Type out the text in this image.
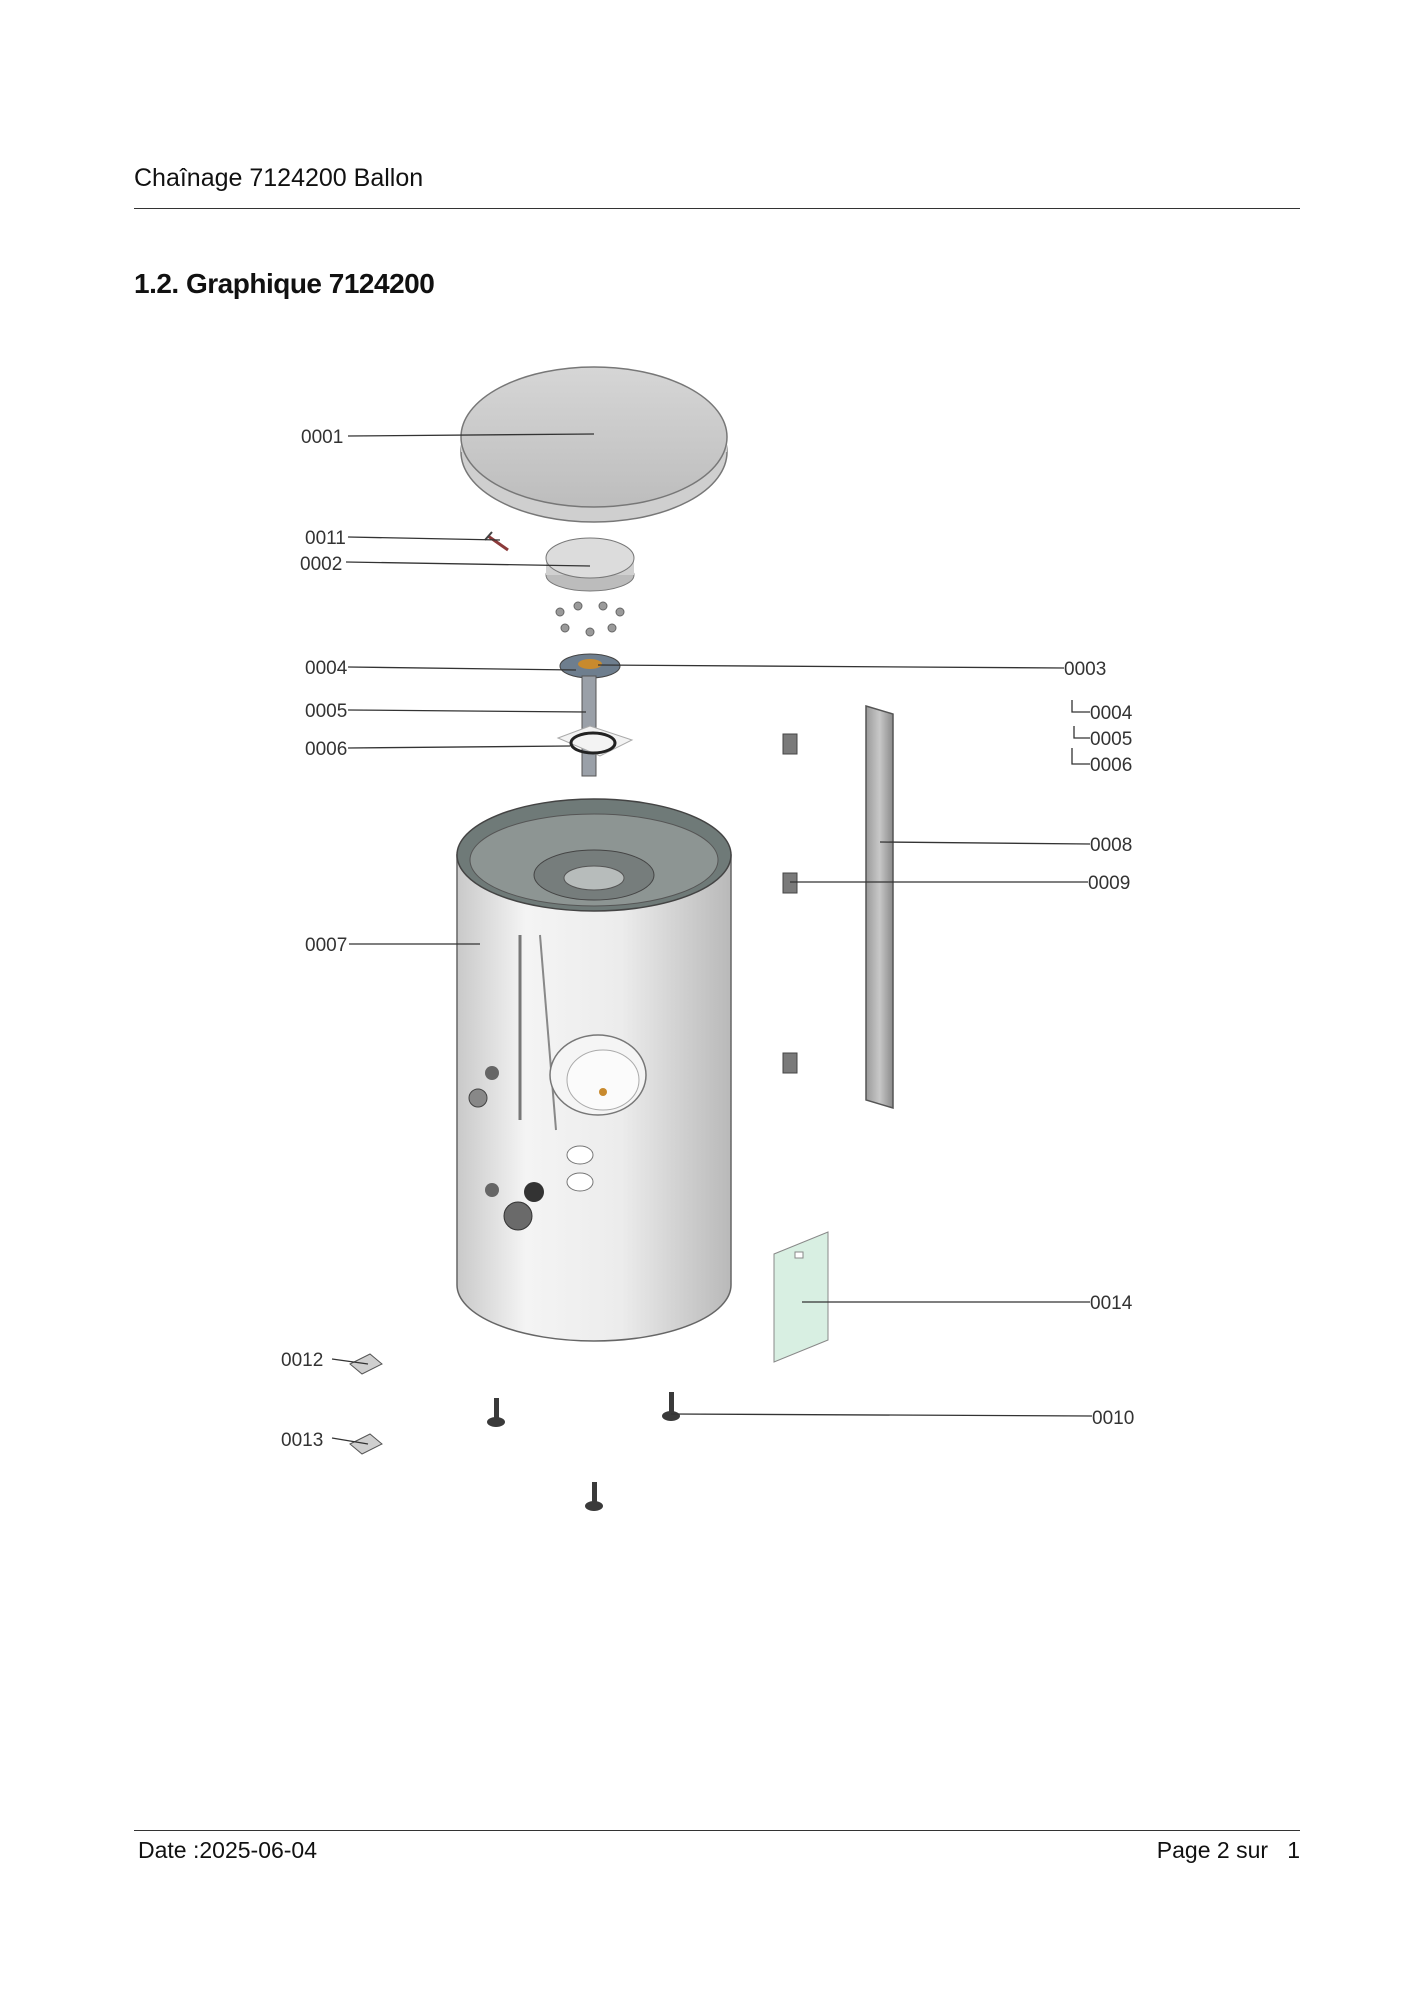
Chaînage 7124200 Ballon
1.2. Graphique 7124200
0001
0011
0002
0004
0005
0006
0003
0004
0005
0006
0008
0009
0007
0014
0012
0013
0010
Date :2025-06-04	Page 2 sur   1
